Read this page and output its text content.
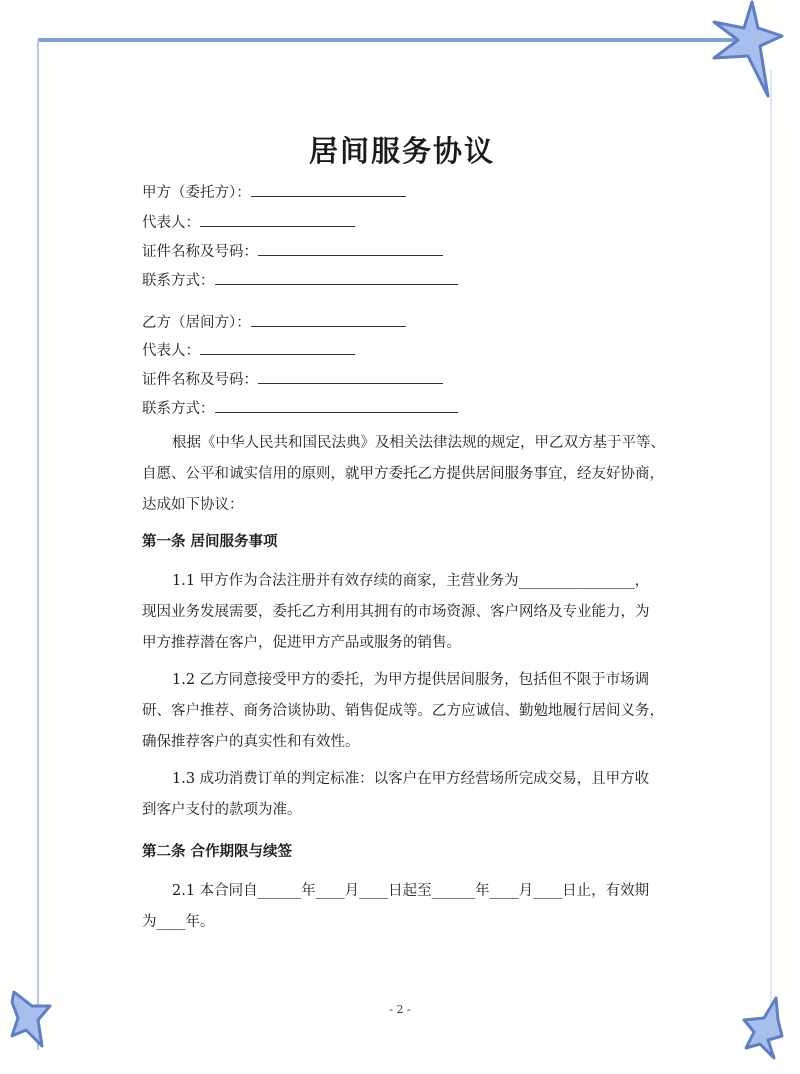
居间服务协议
甲方（委托方）：
代表人：
证件名称及号码：
联系方式：
乙方（居间方）：
代表人：
证件名称及号码：
联系方式：
根据《中华人民共和国民法典》及相关法律法规的规定，甲乙双方基于平等、
自愿、公平和诚实信用的原则，就甲方委托乙方提供居间服务事宜，经友好协商，
达成如下协议：
第一条 居间服务事项
1.1 甲方作为合法注册并有效存续的商家，主营业务为________________，
现因业务发展需要，委托乙方利用其拥有的市场资源、客户网络及专业能力，为
甲方推荐潜在客户，促进甲方产品或服务的销售。
1.2 乙方同意接受甲方的委托，为甲方提供居间服务，包括但不限于市场调
研、客户推荐、商务洽谈协助、销售促成等。乙方应诚信、勤勉地履行居间义务，
确保推荐客户的真实性和有效性。
1.3 成功消费订单的判定标准：以客户在甲方经营场所完成交易，且甲方收
到客户支付的款项为准。
第二条 合作期限与续签
2.1 本合同自______年____月____日起至______年____月____日止，有效期
为____年。
- 2 -
